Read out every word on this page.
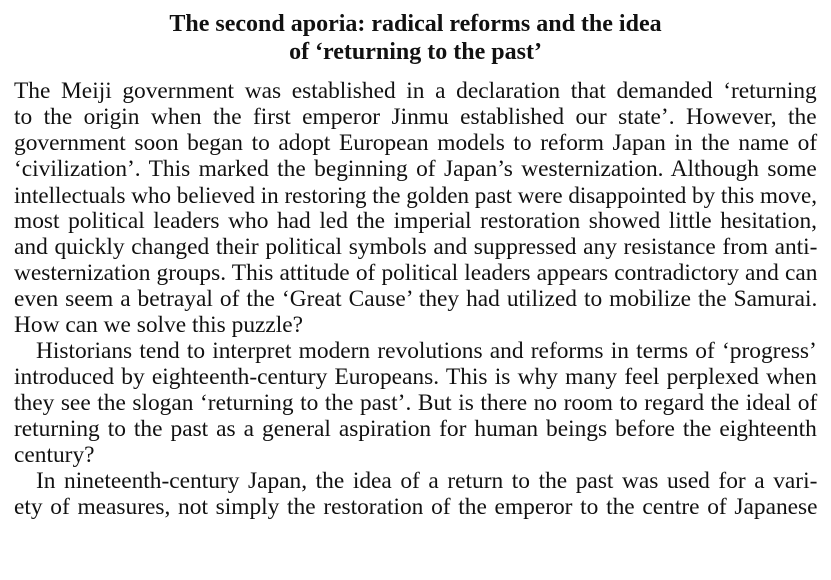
The second aporia: radical reforms and the idea
of ‘returning to the past’
The Meiji government was established in a declaration that demanded ‘returning
to the origin when the first emperor Jinmu established our state’. However, the
government soon began to adopt European models to reform Japan in the name of
‘civilization’. This marked the beginning of Japan’s westernization. Although some
intellectuals who believed in restoring the golden past were disappointed by this move,
most political leaders who had led the imperial restoration showed little hesitation,
and quickly changed their political symbols and suppressed any resistance from anti-
westernization groups. This attitude of political leaders appears contradictory and can
even seem a betrayal of the ‘Great Cause’ they had utilized to mobilize the Samurai.
How can we solve this puzzle?
Historians tend to interpret modern revolutions and reforms in terms of ‘progress’
introduced by eighteenth-century Europeans. This is why many feel perplexed when
they see the slogan ‘returning to the past’. But is there no room to regard the ideal of
returning to the past as a general aspiration for human beings before the eighteenth
century?
In nineteenth-century Japan, the idea of a return to the past was used for a vari-
ety of measures, not simply the restoration of the emperor to the centre of Japanese
